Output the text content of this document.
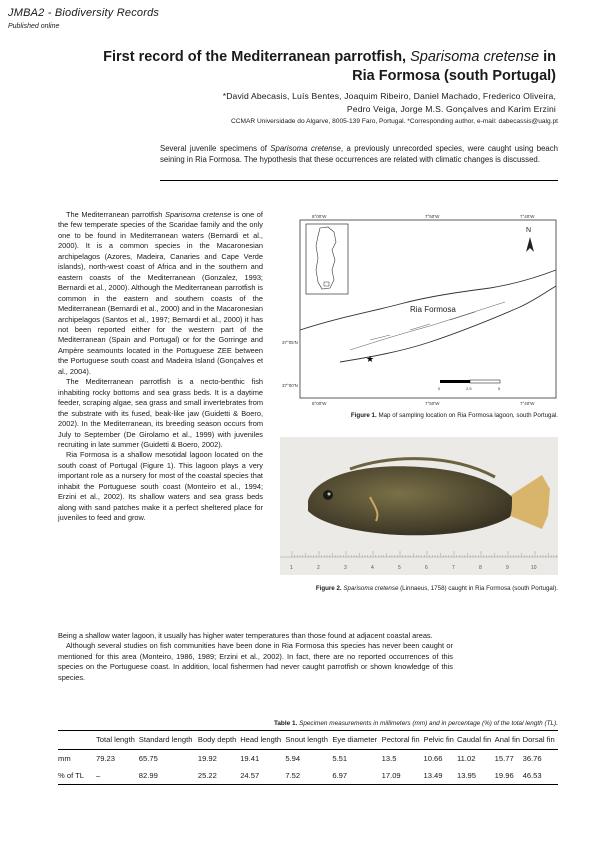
JMBA2 - Biodiversity Records
Published online
First record of the Mediterranean parrotfish, Sparisoma cretense in
Ria Formosa (south Portugal)
*David Abecasis, Luís Bentes, Joaquim Ribeiro, Daniel Machado, Frederico Oliveira,
Pedro Veiga, Jorge M.S. Gonçalves and Karim Erzini
CCMAR Universidade do Algarve, 8005-139 Faro, Portugal. *Corresponding author, e-mail: dabecassis@ualg.pt
Several juvenile specimens of Sparisoma cretense, a previously unrecorded species, were caught using beach seining in Ria Formosa. The hypothesis that these occurrences are related with climatic changes is discussed.

The Mediterranean parrotfish Sparisoma cretense is one of the few temperate species of the Scaridae family and the only one to be found in Mediterranean waters (Bernardi et al., 2000). It is a common species in the Macaronesian archipelagos (Azores, Madeira, Canaries and Cape Verde islands), north-west coast of Africa and in the southern and eastern coasts of the Mediterranean (Gonzalez, 1993; Bernardi et al., 2000). Although the Mediterranean parrotfish is common in the eastern and southern coasts of the Mediterranean (Bernardi et al., 2000) and in the Macaronesian archipelagos (Santos et al., 1997; Bernardi et al., 2000) it has not been reported either for the western part of the Mediterranean (Spain and Portugal) or for the Gorringe and Ampère seamounts located in the Portuguese ZEE between the Portuguese south coast and Madeira Island (Gonçalves et al., 2004).

The Mediterranean parrotfish is a necto-benthic fish inhabiting rocky bottoms and sea grass beds. It is a daytime feeder, scraping algae, sea grass and small invertebrates from the substrate with its fused, beak-like jaw (Guidetti & Boero, 2002). In the Mediterranean, its breeding season occurs from July to September (De Girolamo et al., 1999) with juveniles recruiting in late summer (Guidetti & Boero, 2002).

Ria Formosa is a shallow mesotidal lagoon located on the south coast of Portugal (Figure 1). This lagoon plays a very important role as a nursery for most of the coastal species that inhabit the Portuguese south coast (Monteiro et al., 1994; Erzini et al., 2002). Its shallow waters and sea grass beds along with sand patches make it a perfect sheltered place for juveniles to feed and grow.

Being a shallow water lagoon, it usually has higher water temperatures than those found at adjacent coastal areas.

Although several studies on fish communities have been done in Ria Formosa this species has never been caught or mentioned for this area (Monteiro, 1986, 1989; Erzini et al., 2002). In fact, there are no reported occurrences of this species on the Portuguese coast. In addition, local fishermen had never caught parrotfish or shown knowledge of this species.

8°00'W	7°50'W	7°40'W
8°00'W	7°50'W	7°40'W
37°05'N
37°00'N
N
Ria Formosa
★
0	2.5	5
Figure 1. Map of sampling location on Ria Formosa lagoon, south Portugal.
1	2	3	4	5	6	7	8	9	10
Figure 2. Sparisoma cretense (Linnaeus, 1758) caught in Ria Formosa (south Portugal).
Table 1. Specimen measurements in millimeters (mm) and in percentage (%) of the total length (TL).
	Total length	Standard length	Body depth	Head length	Snout length	Eye diameter	Pectoral fin	Pelvic fin	Caudal fin	Anal fin	Dorsal fin
mm	79.23	65.75	19.92	19.41	5.94	5.51	13.5	10.66	11.02	15.77	36.76
% of TL	–	82.99	25.22	24.57	7.52	6.97	17.09	13.49	13.95	19.96	46.53
